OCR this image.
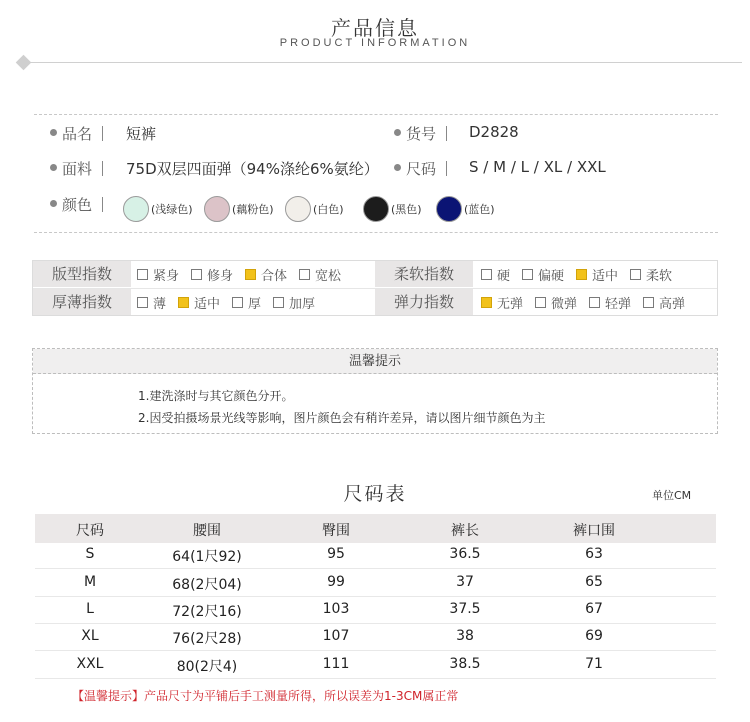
产品信息
PRODUCT INFORMATION
品名	短裤	货号	D2828
面料	75D双层四面弹（94%涤纶6%氨纶）	尺码	S / M / L / XL / XXL
颜色	(浅绿色)	(藕粉色)	(白色)	(黑色)	(蓝色)
版型指数	紧身 修身 合体 宽松	柔软指数	硬 偏硬 适中 柔软
厚薄指数	薄 适中 厚 加厚	弹力指数	无弹 微弹 轻弹 高弹
温馨提示
1.建洗涤时与其它颜色分开。
2.因受拍摄场景光线等影响，图片颜色会有稍许差异，请以图片细节颜色为主
尺码表	单位CM
尺码	腰围	臀围	裤长	裤口围
S	64(1尺92)	95	36.5	63
M	68(2尺04)	99	37	65
L	72(2尺16)	103	37.5	67
XL	76(2尺28)	107	38	69
XXL	80(2尺4)	111	38.5	71
【温馨提示】产品尺寸为平铺后手工测量所得，所以误差为1-3CM属正常
